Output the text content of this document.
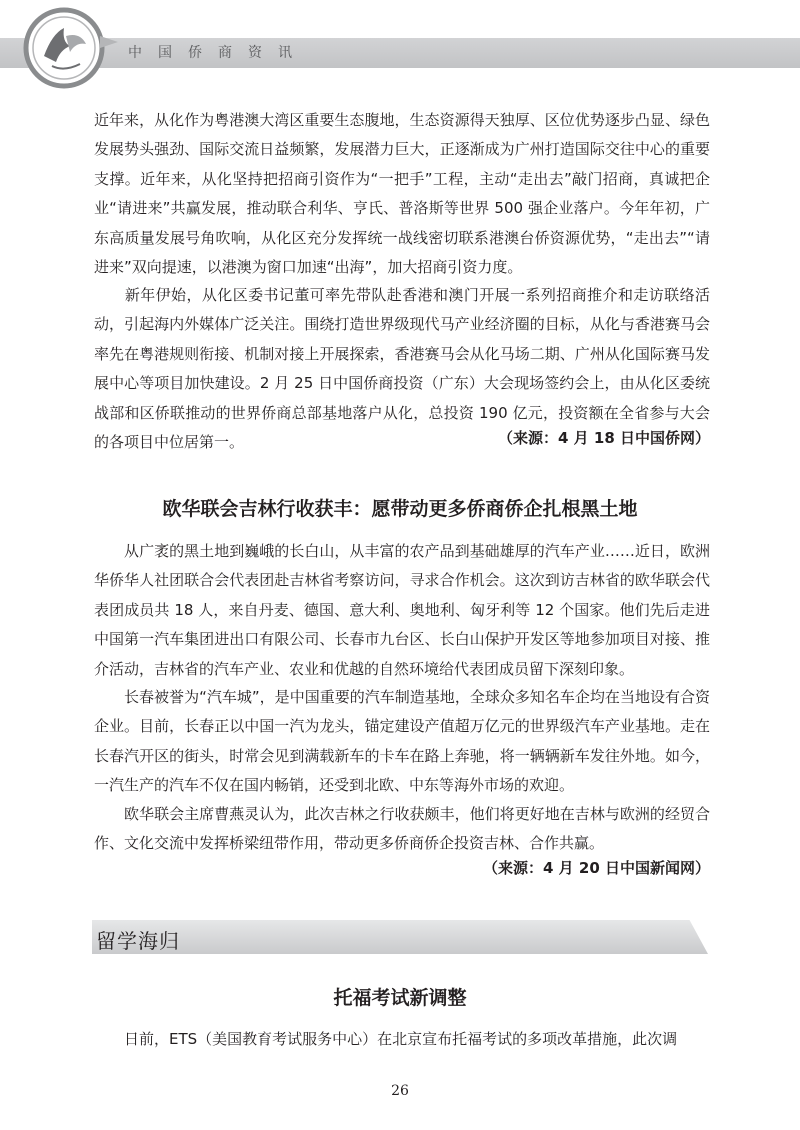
中国侨商资讯

近年来，从化作为粤港澳大湾区重要生态腹地，生态资源得天独厚、区位优势逐步凸显、绿色发展势头强劲、国际交流日益频繁，发展潜力巨大，正逐渐成为广州打造国际交往中心的重要支撑。近年来，从化坚持把招商引资作为“一把手”工程，主动“走出去”敲门招商，真诚把企业“请进来”共赢发展，推动联合利华、亨氏、普洛斯等世界 500 强企业落户。今年年初，广东高质量发展号角吹响，从化区充分发挥统一战线密切联系港澳台侨资源优势，“走出去”“请进来”双向提速，以港澳为窗口加速“出海”，加大招商引资力度。

　　新年伊始，从化区委书记董可率先带队赴香港和澳门开展一系列招商推介和走访联络活动，引起海内外媒体广泛关注。围绕打造世界级现代马产业经济圈的目标，从化与香港赛马会率先在粤港规则衔接、机制对接上开展探索，香港赛马会从化马场二期、广州从化国际赛马发展中心等项目加快建设。2 月 25 日中国侨商投资（广东）大会现场签约会上，由从化区委统战部和区侨联推动的世界侨商总部基地落户从化，总投资 190 亿元，投资额在全省参与大会的各项目中位居第一。	（来源：4 月 18 日中国侨网）
欧华联会吉林行收获丰：愿带动更多侨商侨企扎根黑土地

　　从广袤的黑土地到巍峨的长白山，从丰富的农产品到基础雄厚的汽车产业……近日，欧洲华侨华人社团联合会代表团赴吉林省考察访问，寻求合作机会。这次到访吉林省的欧华联会代表团成员共 18 人，来自丹麦、德国、意大利、奥地利、匈牙利等 12 个国家。他们先后走进中国第一汽车集团进出口有限公司、长春市九台区、长白山保护开发区等地参加项目对接、推介活动，吉林省的汽车产业、农业和优越的自然环境给代表团成员留下深刻印象。

　　长春被誉为“汽车城”，是中国重要的汽车制造基地，全球众多知名车企均在当地设有合资企业。目前，长春正以中国一汽为龙头，锚定建设产值超万亿元的世界级汽车产业基地。走在长春汽开区的街头，时常会见到满载新车的卡车在路上奔驰，将一辆辆新车发往外地。如今，一汽生产的汽车不仅在国内畅销，还受到北欧、中东等海外市场的欢迎。

　　欧华联会主席曹燕灵认为，此次吉林之行收获颇丰，他们将更好地在吉林与欧洲的经贸合作、文化交流中发挥桥梁纽带作用，带动更多侨商侨企投资吉林、合作共赢。

（来源：4 月 20 日中国新闻网）
留学海归
托福考试新调整

　　日前，ETS（美国教育考试服务中心）在北京宣布托福考试的多项改革措施，此次调

26
